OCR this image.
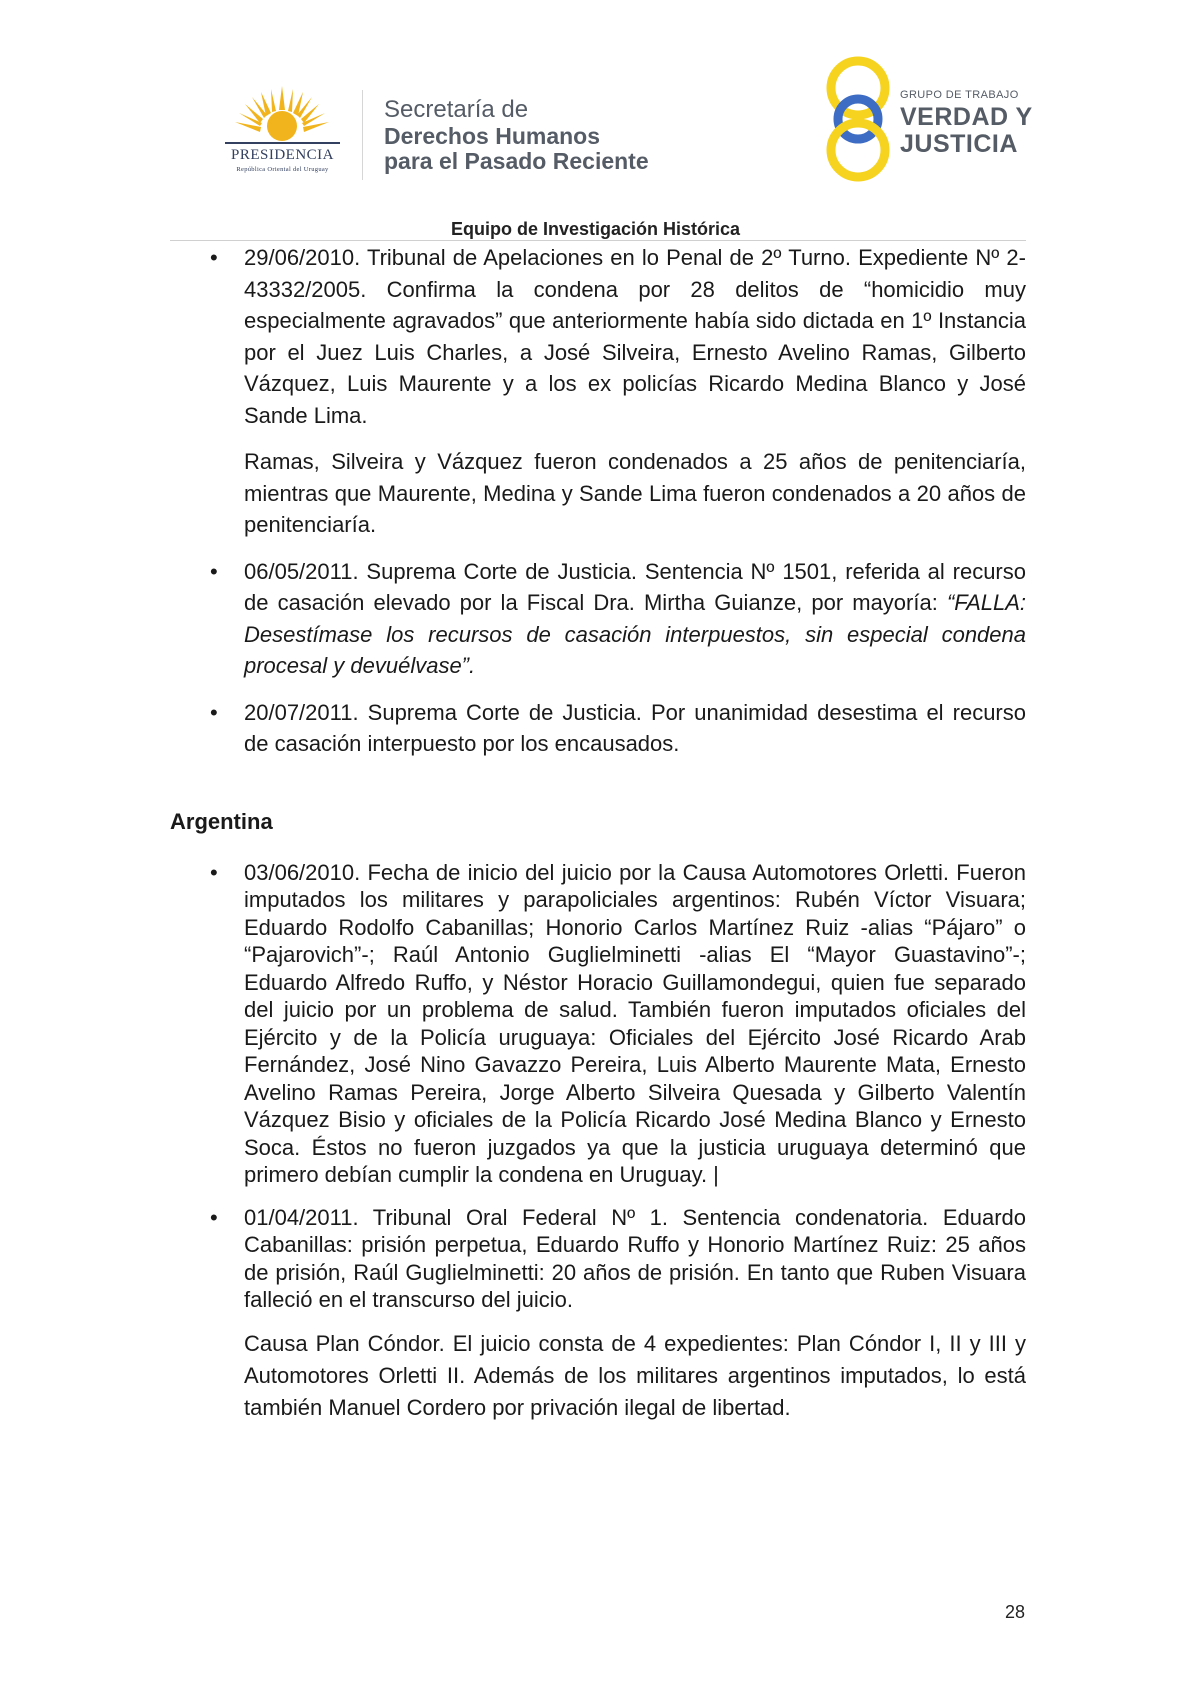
PRESIDENCIA
República Oriental del Uruguay
Secretaría de
Derechos Humanos
para el Pasado Reciente
GRUPO DE TRABAJO
VERDAD Y
JUSTICIA
Equipo de Investigación Histórica
• 29/06/2010. Tribunal de Apelaciones en lo Penal de 2º Turno. Expediente Nº 2-43332/2005. Confirma la condena por 28 delitos de “homicidio muy especialmente agravados” que anteriormente había sido dictada en 1º Instancia por el Juez Luis Charles, a José Silveira, Ernesto Avelino Ramas, Gilberto Vázquez, Luis Maurente y a los ex policías Ricardo Medina Blanco y José Sande Lima.
Ramas, Silveira y Vázquez fueron condenados a 25 años de penitenciaría, mientras que Maurente, Medina y Sande Lima fueron condenados a 20 años de penitenciaría.
• 06/05/2011. Suprema Corte de Justicia. Sentencia Nº 1501, referida al recurso de casación elevado por la Fiscal Dra. Mirtha Guianze, por mayoría: “FALLA: Desestímase los recursos de casación interpuestos, sin especial condena procesal y devuélvase”.
• 20/07/2011. Suprema Corte de Justicia. Por unanimidad desestima el recurso de casación interpuesto por los encausados.
Argentina
• 03/06/2010. Fecha de inicio del juicio por la Causa Automotores Orletti. Fueron imputados los militares y parapoliciales argentinos: Rubén Víctor Visuara; Eduardo Rodolfo Cabanillas; Honorio Carlos Martínez Ruiz -alias “Pájaro” o “Pajarovich”-; Raúl Antonio Guglielminetti -alias El “Mayor Guastavino”-; Eduardo Alfredo Ruffo, y Néstor Horacio Guillamondegui, quien fue separado del juicio por un problema de salud. También fueron imputados oficiales del Ejército y de la Policía uruguaya: Oficiales del Ejército José Ricardo Arab Fernández, José Nino Gavazzo Pereira, Luis Alberto Maurente Mata, Ernesto Avelino Ramas Pereira, Jorge Alberto Silveira Quesada y Gilberto Valentín Vázquez Bisio y oficiales de la Policía Ricardo José Medina Blanco y Ernesto Soca. Éstos no fueron juzgados ya que la justicia uruguaya determinó que primero debían cumplir la condena en Uruguay. |
• 01/04/2011. Tribunal Oral Federal Nº 1. Sentencia condenatoria. Eduardo Cabanillas: prisión perpetua, Eduardo Ruffo y Honorio Martínez Ruiz: 25 años de prisión, Raúl Guglielminetti: 20 años de prisión. En tanto que Ruben Visuara falleció en el transcurso del juicio.
Causa Plan Cóndor. El juicio consta de 4 expedientes: Plan Cóndor I, II y III y Automotores Orletti II. Además de los militares argentinos imputados, lo está también Manuel Cordero por privación ilegal de libertad.
28
